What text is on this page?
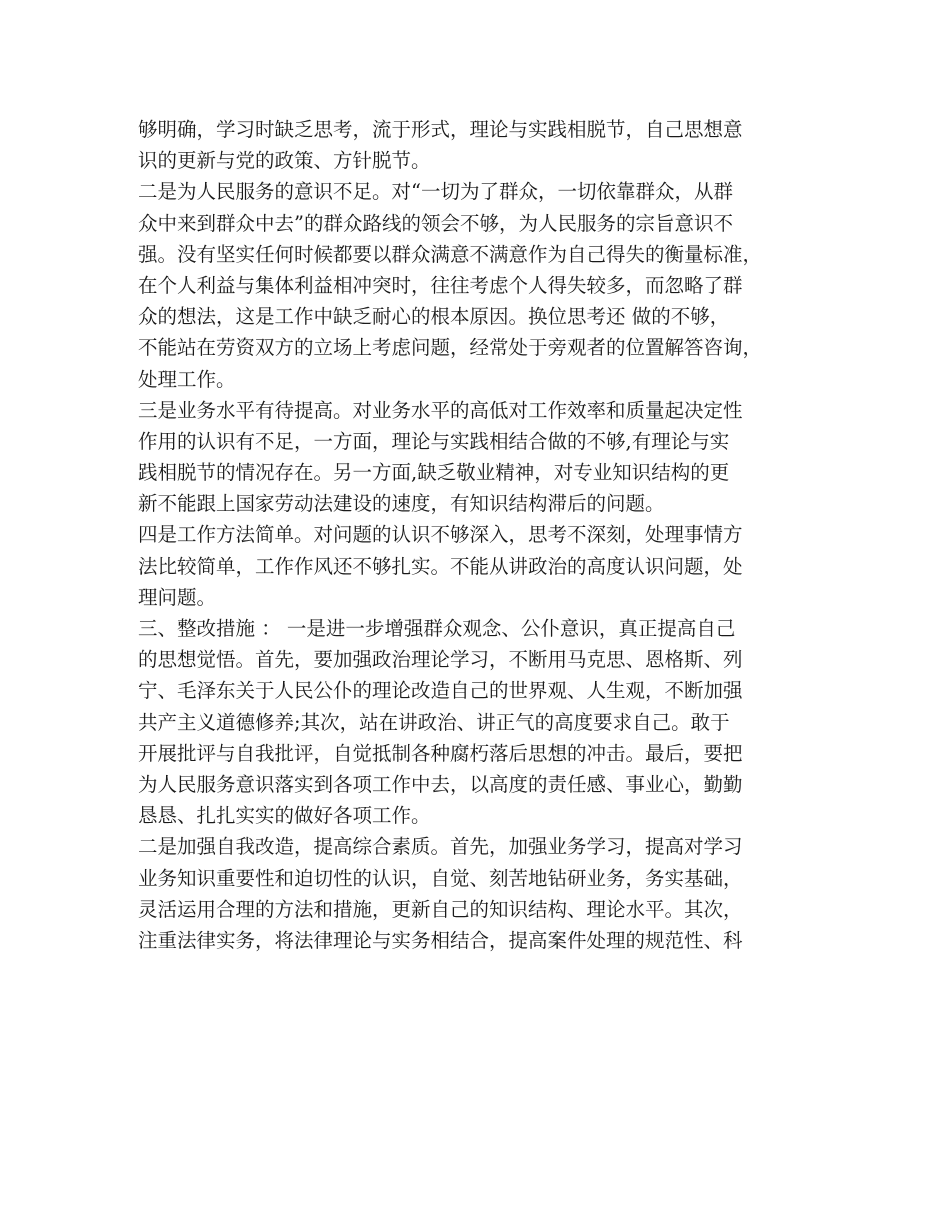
够明确，学习时缺乏思考，流于形式，理论与实践相脱节，自己思想意
识的更新与党的政策、方针脱节。
二是为人民服务的意识不足。对“一切为了群众，一切依靠群众，从群
众中来到群众中去”的群众路线的领会不够，为人民服务的宗旨意识不
强。没有坚实任何时候都要以群众满意不满意作为自己得失的衡量标准，
在个人利益与集体利益相冲突时，往往考虑个人得失较多，而忽略了群
众的想法，这是工作中缺乏耐心的根本原因。换位思考还 做的不够，
不能站在劳资双方的立场上考虑问题，经常处于旁观者的位置解答咨询，
处理工作。
三是业务水平有待提高。对业务水平的高低对工作效率和质量起决定性
作用的认识有不足，一方面，理论与实践相结合做的不够,有理论与实
践相脱节的情况存在。另一方面,缺乏敬业精神，对专业知识结构的更
新不能跟上国家劳动法建设的速度，有知识结构滞后的问题。
四是工作方法简单。对问题的认识不够深入，思考不深刻，处理事情方
法比较简单，工作作风还不够扎实。不能从讲政治的高度认识问题，处
理问题。
三、整改措施 ： 一是进一步增强群众观念、公仆意识，真正提高自己
的思想觉悟。首先，要加强政治理论学习，不断用马克思、恩格斯、列
宁、毛泽东关于人民公仆的理论改造自己的世界观、人生观，不断加强
共产主义道德修养;其次，站在讲政治、讲正气的高度要求自己。敢于
开展批评与自我批评，自觉抵制各种腐朽落后思想的冲击。最后，要把
为人民服务意识落实到各项工作中去，以高度的责任感、事业心，勤勤
恳恳、扎扎实实的做好各项工作。
二是加强自我改造，提高综合素质。首先，加强业务学习，提高对学习
业务知识重要性和迫切性的认识，自觉、刻苦地钻研业务，务实基础，
灵活运用合理的方法和措施，更新自己的知识结构、理论水平。其次，
注重法律实务，将法律理论与实务相结合，提高案件处理的规范性、科
